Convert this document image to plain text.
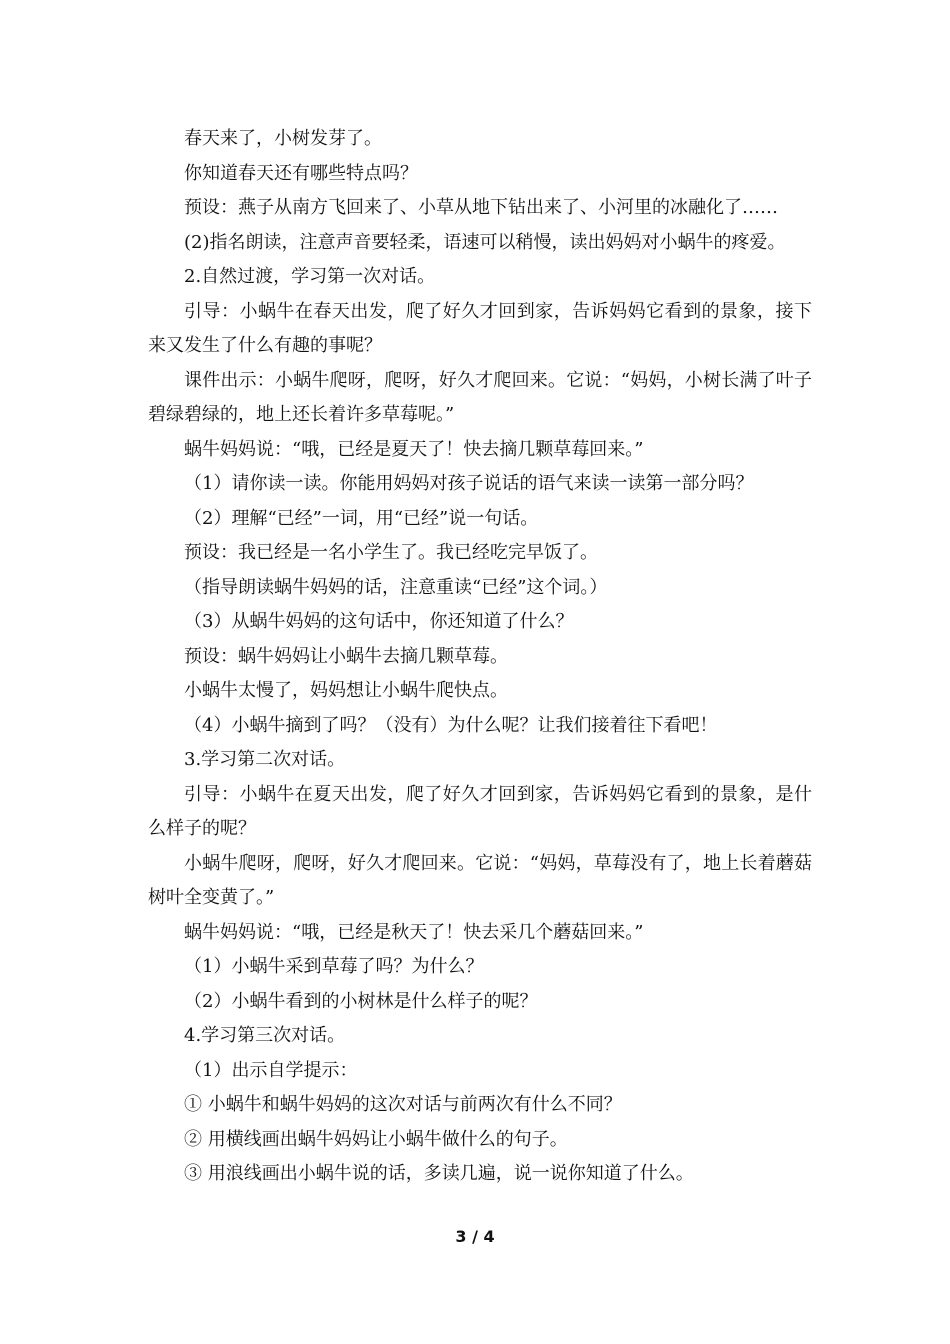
春天来了，小树发芽了。
你知道春天还有哪些特点吗？
预设：燕子从南方飞回来了、小草从地下钻出来了、小河里的冰融化了……
(2)指名朗读，注意声音要轻柔，语速可以稍慢，读出妈妈对小蜗牛的疼爱。
2.自然过渡，学习第一次对话。
引导：小蜗牛在春天出发，爬了好久才回到家，告诉妈妈它看到的景象，接下
来又发生了什么有趣的事呢？
课件出示：小蜗牛爬呀，爬呀，好久才爬回来。它说：“妈妈，小树长满了叶子
碧绿碧绿的，地上还长着许多草莓呢。”
蜗牛妈妈说：“哦，已经是夏天了！快去摘几颗草莓回来。”
（1）请你读一读。你能用妈妈对孩子说话的语气来读一读第一部分吗？
（2）理解“已经”一词，用“已经”说一句话。
预设：我已经是一名小学生了。我已经吃完早饭了。
（指导朗读蜗牛妈妈的话，注意重读“已经”这个词。）
（3）从蜗牛妈妈的这句话中，你还知道了什么？
预设：蜗牛妈妈让小蜗牛去摘几颗草莓。
小蜗牛太慢了，妈妈想让小蜗牛爬快点。
（4）小蜗牛摘到了吗？（没有）为什么呢？让我们接着往下看吧！
3.学习第二次对话。
引导：小蜗牛在夏天出发，爬了好久才回到家，告诉妈妈它看到的景象，是什
么样子的呢？
小蜗牛爬呀，爬呀，好久才爬回来。它说：“妈妈，草莓没有了，地上长着蘑菇
树叶全变黄了。”
蜗牛妈妈说：“哦，已经是秋天了！快去采几个蘑菇回来。”
（1）小蜗牛采到草莓了吗？为什么？
（2）小蜗牛看到的小树林是什么样子的呢？
4.学习第三次对话。
（1）出示自学提示：
① 小蜗牛和蜗牛妈妈的这次对话与前两次有什么不同？
② 用横线画出蜗牛妈妈让小蜗牛做什么的句子。
③ 用浪线画出小蜗牛说的话，多读几遍，说一说你知道了什么。
3 / 4
